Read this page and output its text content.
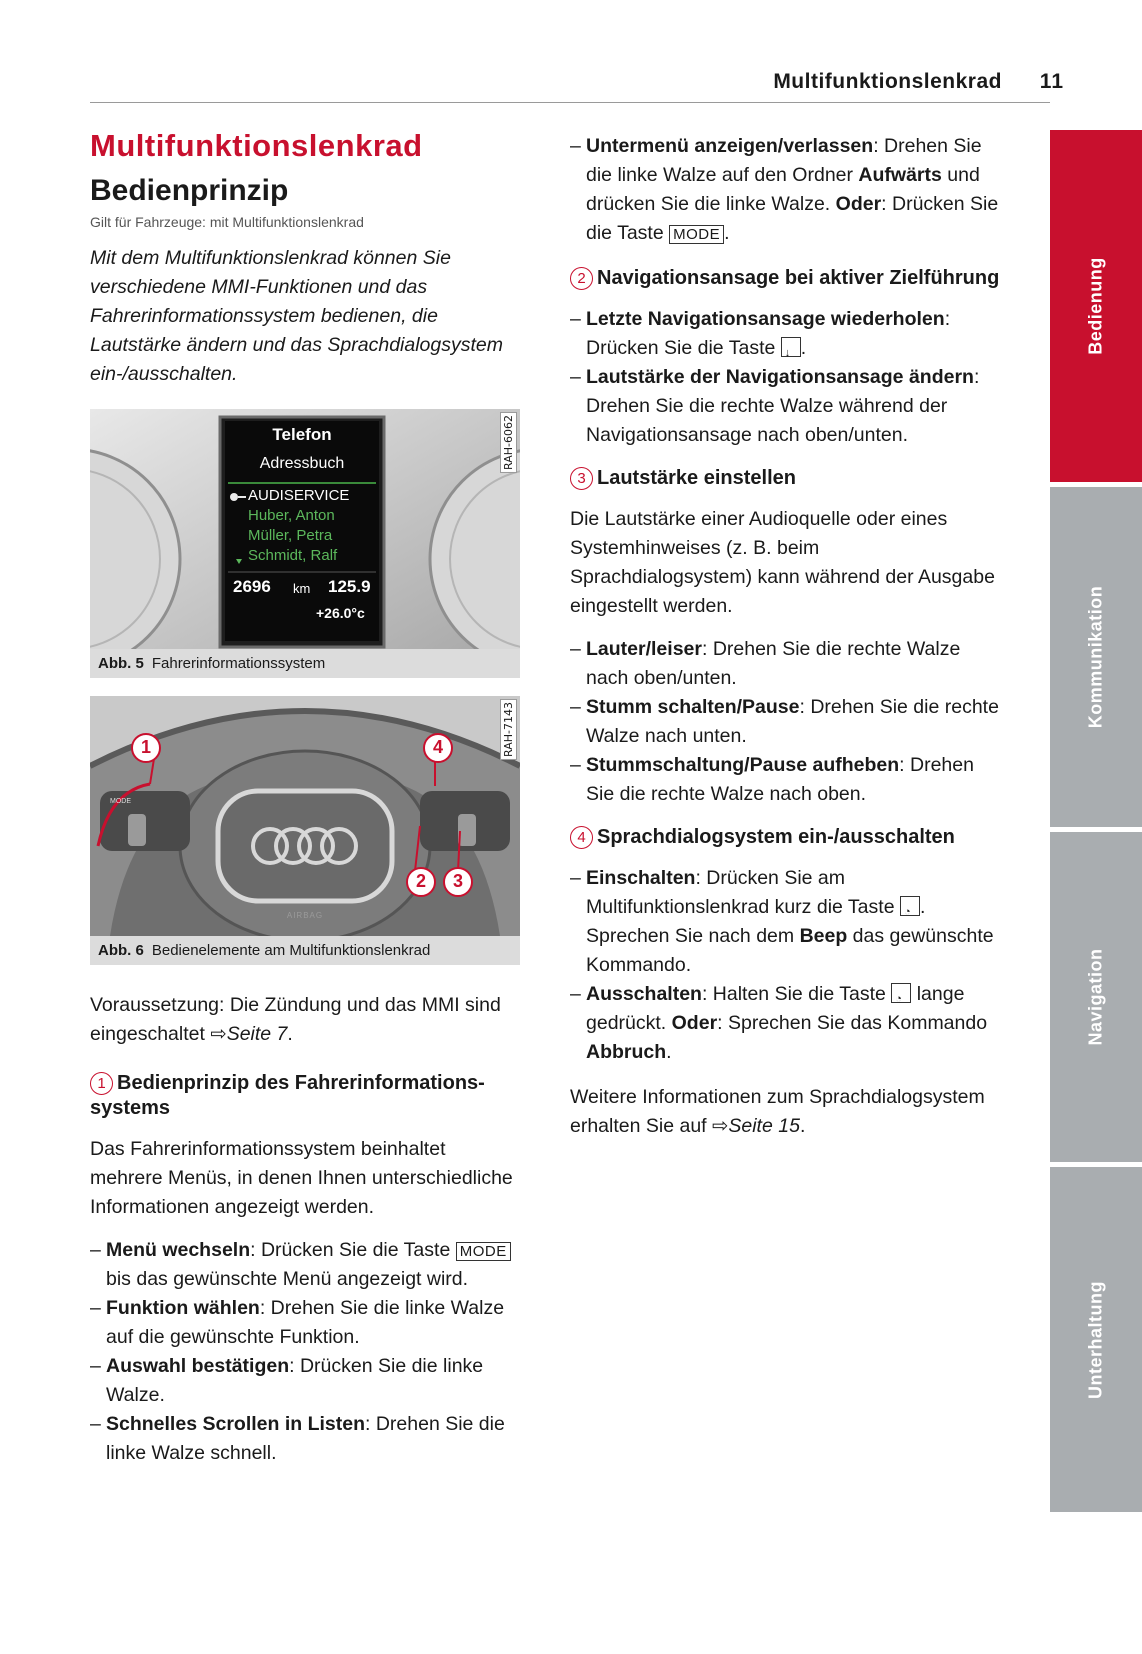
Multifunktionslenkrad 11
Bedienung
Kommunikation
Navigation
Unterhaltung
Multifunktionslenkrad
Bedienprinzip
Gilt für Fahrzeuge: mit Multifunktionslenkrad

Mit dem Multifunktionslenkrad können Sie verschiedene MMI-Funktionen und das Fahrerinformationssystem bedienen, die Lautstärke ändern und das Sprachdialogsystem ein-/ausschalten.

Telefon
Adressbuch
AUDISERVICE
Huber, Anton
Müller, Petra
Schmidt, Ralf
2696 km 125.9
+26.0°c
RAH-6062
Abb. 5 Fahrerinformationssystem
1	4
2 3
MODE
AIRBAG
RAH-7143
Abb. 6 Bedienelemente am Multifunktionslenkrad

Voraussetzung: Die Zündung und das MMI sind eingeschaltet ⇨Seite 7.

1 Bedienprinzip des Fahrerinformationssystems

Das Fahrerinformationssystem beinhaltet mehrere Menüs, in denen Ihnen unterschiedliche Informationen angezeigt werden.

– Menü wechseln: Drücken Sie die Taste MODE bis das gewünschte Menü angezeigt wird.
– Funktion wählen: Drehen Sie die linke Walze auf die gewünschte Funktion.
– Auswahl bestätigen: Drücken Sie die linke Walze.
– Schnelles Scrollen in Listen: Drehen Sie die linke Walze schnell.
– Untermenü anzeigen/verlassen: Drehen Sie die linke Walze auf den Ordner Aufwärts und drücken Sie die linke Walze. Oder: Drücken Sie die Taste MODE .
2 Navigationsansage bei aktiver Zielführung
– Letzte Navigationsansage wiederholen: Drücken Sie die Taste ↓ .
– Lautstärke der Navigationsansage ändern: Drehen Sie die rechte Walze während der Navigationsansage nach oben/unten.
3 Lautstärke einstellen

Die Lautstärke einer Audioquelle oder eines Systemhinweises (z. B. beim Sprachdialogsystem) kann während der Ausgabe eingestellt werden.

– Lauter/leiser: Drehen Sie die rechte Walze nach oben/unten.
– Stumm schalten/Pause: Drehen Sie die rechte Walze nach unten.
– Stummschaltung/Pause aufheben: Drehen Sie die rechte Walze nach oben.
4 Sprachdialogsystem ein-/ausschalten
– Einschalten: Drücken Sie am Multifunktionslenkrad kurz die Taste ◔ . Sprechen Sie nach dem Beep das gewünschte Kommando.
– Ausschalten: Halten Sie die Taste ◔ lange gedrückt. Oder: Sprechen Sie das Kommando Abbruch.

Weitere Informationen zum Sprachdialogsystem erhalten Sie auf ⇨Seite 15.
